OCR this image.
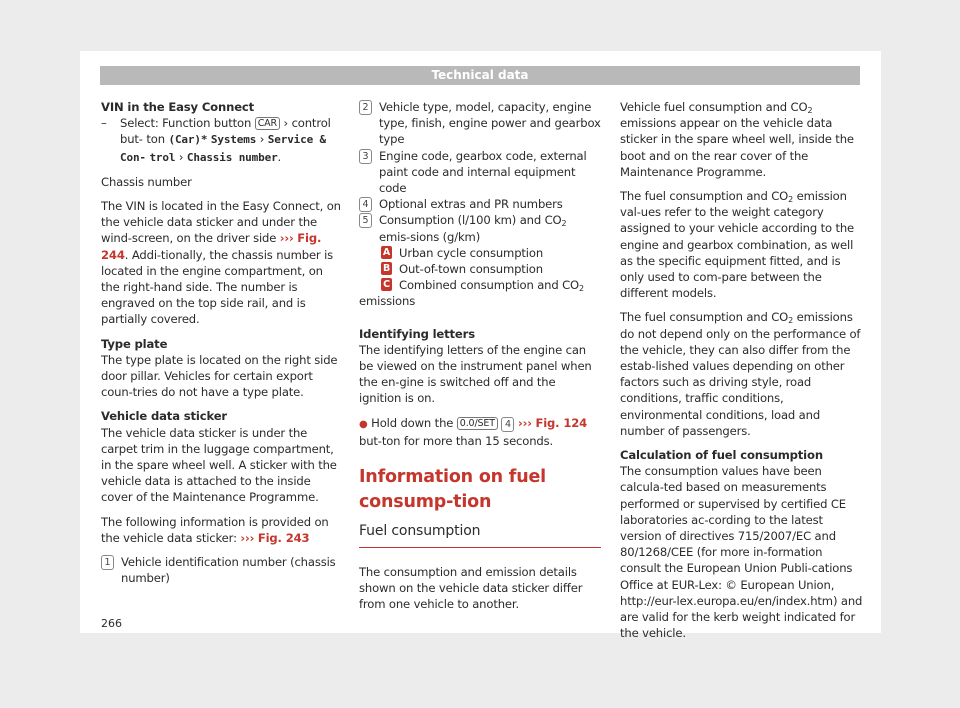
Technical data

VIN in the Easy Connect

– Select: Function button CAR › control but- ton (Car)* Systems › Service & Con- trol › Chassis number.

Chassis number

The VIN is located in the Easy Connect, on the vehicle data sticker and under the wind-screen, on the driver side ››› Fig. 244. Addi-tionally, the chassis number is located in the engine compartment, on the right-hand side. The number is engraved on the top side rail, and is partially covered.

Type plate

The type plate is located on the right side door pillar. Vehicles for certain export coun-tries do not have a type plate.

Vehicle data sticker

The vehicle data sticker is under the carpet trim in the luggage compartment, in the spare wheel well. A sticker with the vehicle data is attached to the inside cover of the Maintenance Programme.

The following information is provided on the vehicle data sticker: ››› Fig. 243

1 Vehicle identification number (chassis number)
2 Vehicle type, model, capacity, engine type, finish, engine power and gearbox type
3 Engine code, gearbox code, external paint code and internal equipment code
4 Optional extras and PR numbers
5 Consumption (l/100 km) and $CO_2$ emis-sions (g/km)
A Urban cycle consumption
B Out-of-town consumption
C Combined consumption and $CO_2$

emissions

Identifying letters

The identifying letters of the engine can be viewed on the instrument panel when the en-gine is switched off and the ignition is on.

● Hold down the 0.0/SET 4 ››› Fig. 124 but-ton for more than 15 seconds.

Information on fuel consump-tion
Fuel consumption

The consumption and emission details shown on the vehicle data sticker differ from one vehicle to another.

Vehicle fuel consumption and $CO_2$ emissions appear on the vehicle data sticker in the spare wheel well, inside the boot and on the rear cover of the Maintenance Programme.

The fuel consumption and $CO_2$ emission val-ues refer to the weight category assigned to your vehicle according to the engine and gearbox combination, as well as the specific equipment fitted, and is only used to com-pare between the different models.

The fuel consumption and $CO_2$ emissions do not depend only on the performance of the vehicle, they can also differ from the estab-lished values depending on other factors such as driving style, road conditions, traffic conditions, environmental conditions, load and number of passengers.

Calculation of fuel consumption

The consumption values have been calcula-ted based on measurements performed or supervised by certified CE laboratories ac-cording to the latest version of directives 715/2007/EC and 80/1268/CEE (for more in-formation consult the European Union Publi-cations Office at EUR-Lex: © European Union, http://eur-lex.europa.eu/en/index.htm) and are valid for the kerb weight indicated for the vehicle.

266
